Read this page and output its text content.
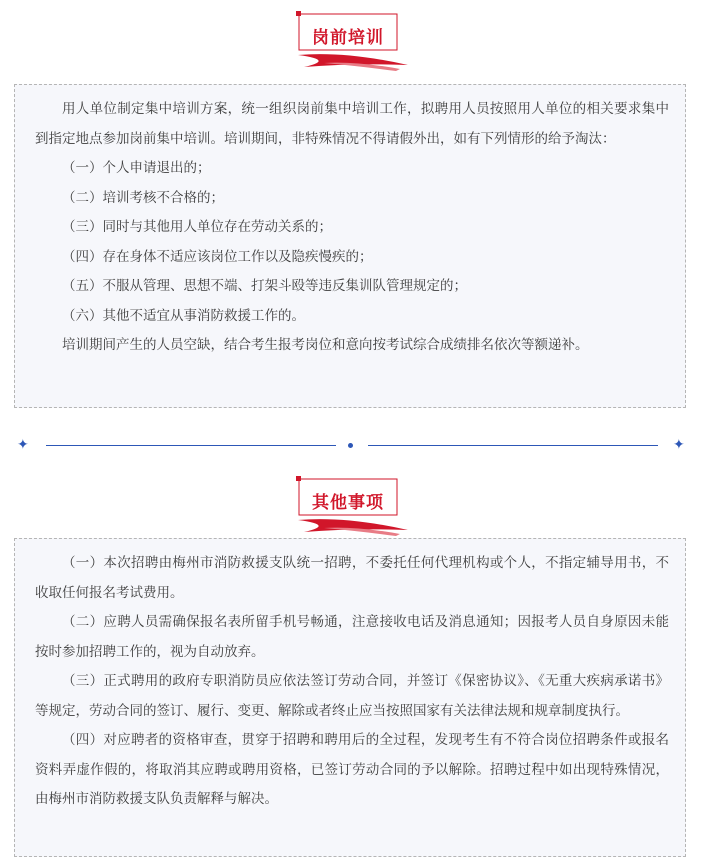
岗前培训

用人单位制定集中培训方案，统一组织岗前集中培训工作，拟聘用人员按照用人单位的相关要求集中到指定地点参加岗前集中培训。培训期间，非特殊情况不得请假外出，如有下列情形的给予淘汰：

（一）个人申请退出的；

（二）培训考核不合格的；

（三）同时与其他用人单位存在劳动关系的；

（四）存在身体不适应该岗位工作以及隐疾慢疾的；

（五）不服从管理、思想不端、打架斗殴等违反集训队管理规定的；

（六）其他不适宜从事消防救援工作的。

培训期间产生的人员空缺，结合考生报考岗位和意向按考试综合成绩排名依次等额递补。

✦	✦
其他事项

（一）本次招聘由梅州市消防救援支队统一招聘，不委托任何代理机构或个人，不指定辅导用书，不收取任何报名考试费用。

（二）应聘人员需确保报名表所留手机号畅通，注意接收电话及消息通知；因报考人员自身原因未能按时参加招聘工作的，视为自动放弃。

（三）正式聘用的政府专职消防员应依法签订劳动合同，并签订《保密协议》、《无重大疾病承诺书》等规定，劳动合同的签订、履行、变更、解除或者终止应当按照国家有关法律法规和规章制度执行。

（四）对应聘者的资格审查，贯穿于招聘和聘用后的全过程，发现考生有不符合岗位招聘条件或报名资料弄虚作假的，将取消其应聘或聘用资格，已签订劳动合同的予以解除。招聘过程中如出现特殊情况，由梅州市消防救援支队负责解释与解决。
